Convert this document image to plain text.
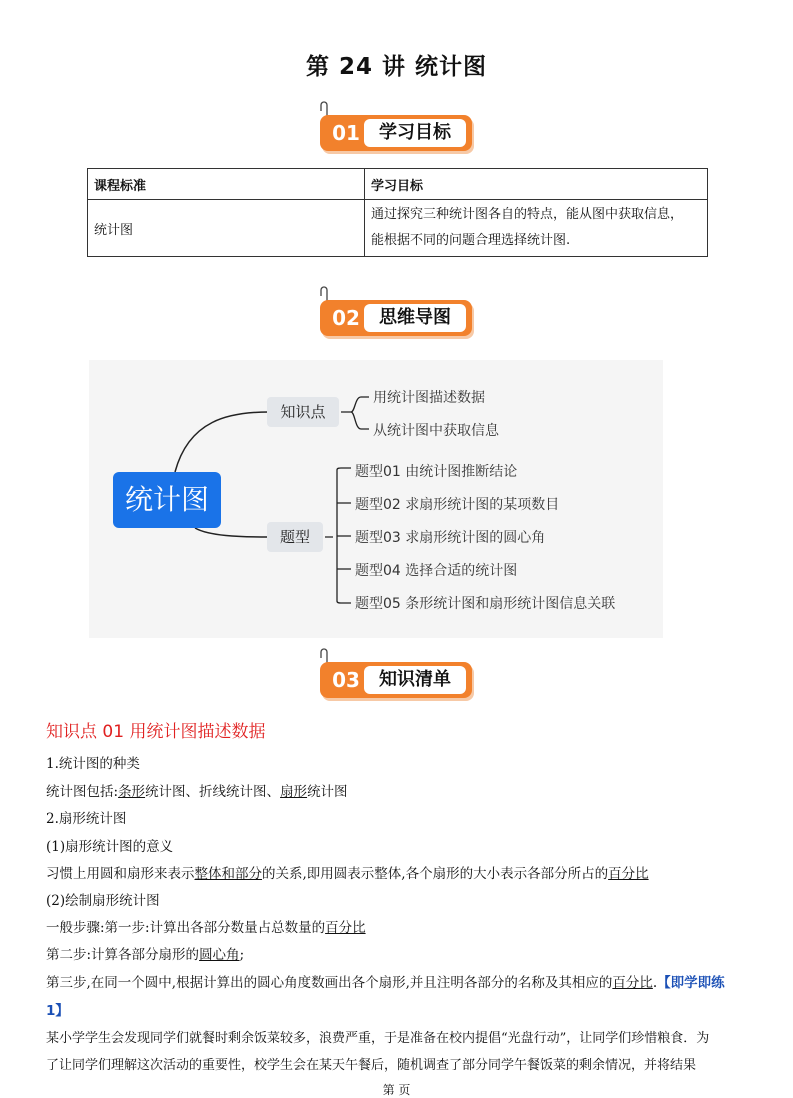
第 24 讲 统计图
01	学习目标
课程标准	学习目标
统计图	通过探究三种统计图各自的特点，能从图中获取信息，
能根据不同的问题合理选择统计图.
02	思维导图
统计图
知识点
题型
用统计图描述数据
从统计图中获取信息
题型01 由统计图推断结论
题型02 求扇形统计图的某项数目
题型03 求扇形统计图的圆心角
题型04 选择合适的统计图
题型05 条形统计图和扇形统计图信息关联
03	知识清单
知识点 01 用统计图描述数据
1.统计图的种类
统计图包括:条形统计图、折线统计图、扇形统计图
2.扇形统计图
(1)扇形统计图的意义
习惯上用圆和扇形来表示整体和部分的关系,即用圆表示整体,各个扇形的大小表示各部分所占的百分比
(2)绘制扇形统计图
一般步骤:第一步:计算出各部分数量占总数量的百分比
第二步:计算各部分扇形的圆心角;
第三步,在同一个圆中,根据计算出的圆心角度数画出各个扇形,并且注明各部分的名称及其相应的百分比.【即学即练
1】
某小学学生会发现同学们就餐时剩余饭菜较多，浪费严重，于是准备在校内提倡“光盘行动”，让同学们珍惜粮食．为
了让同学们理解这次活动的重要性，校学生会在某天午餐后，随机调查了部分同学午餐饭菜的剩余情况，并将结果
第 页
